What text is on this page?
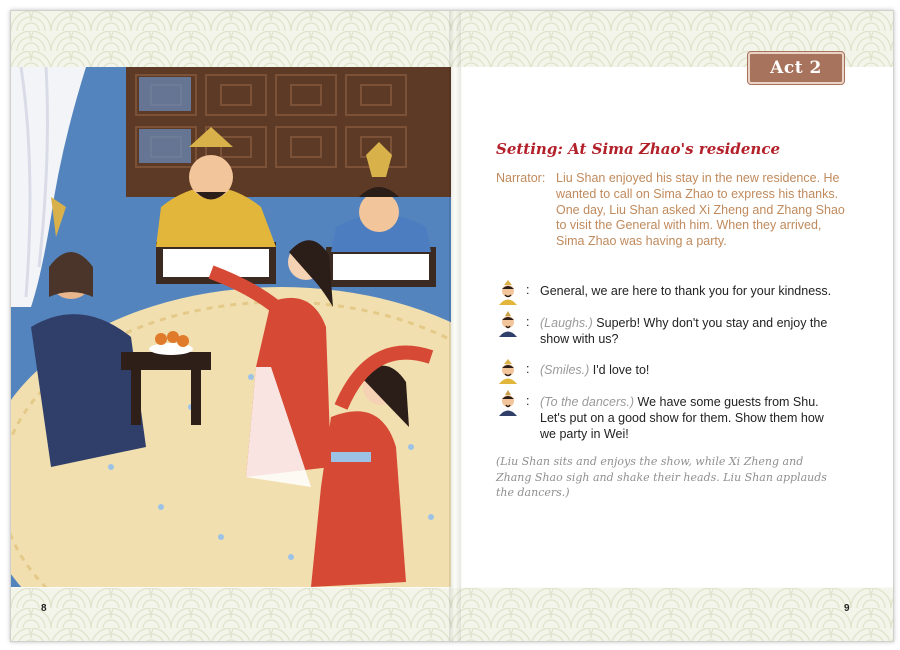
8	9
Act 2
Setting: At Sima Zhao's residence
Narrator: Liu Shan enjoyed his stay in the new residence. He wanted to call on Sima Zhao to express his thanks. One day, Liu Shan asked Xi Zheng and Zhang Shao to visit the General with him. When they arrived, Sima Zhao was having a party.
: General, we are here to thank you for your kindness.
: (Laughs.) Superb! Why don't you stay and enjoy the show with us?
: (Smiles.) I'd love to!
: (To the dancers.) We have some guests from Shu. Let's put on a good show for them. Show them how we party in Wei!
(Liu Shan sits and enjoys the show, while Xi Zheng and Zhang Shao sigh and shake their heads. Liu Shan applauds the dancers.)
